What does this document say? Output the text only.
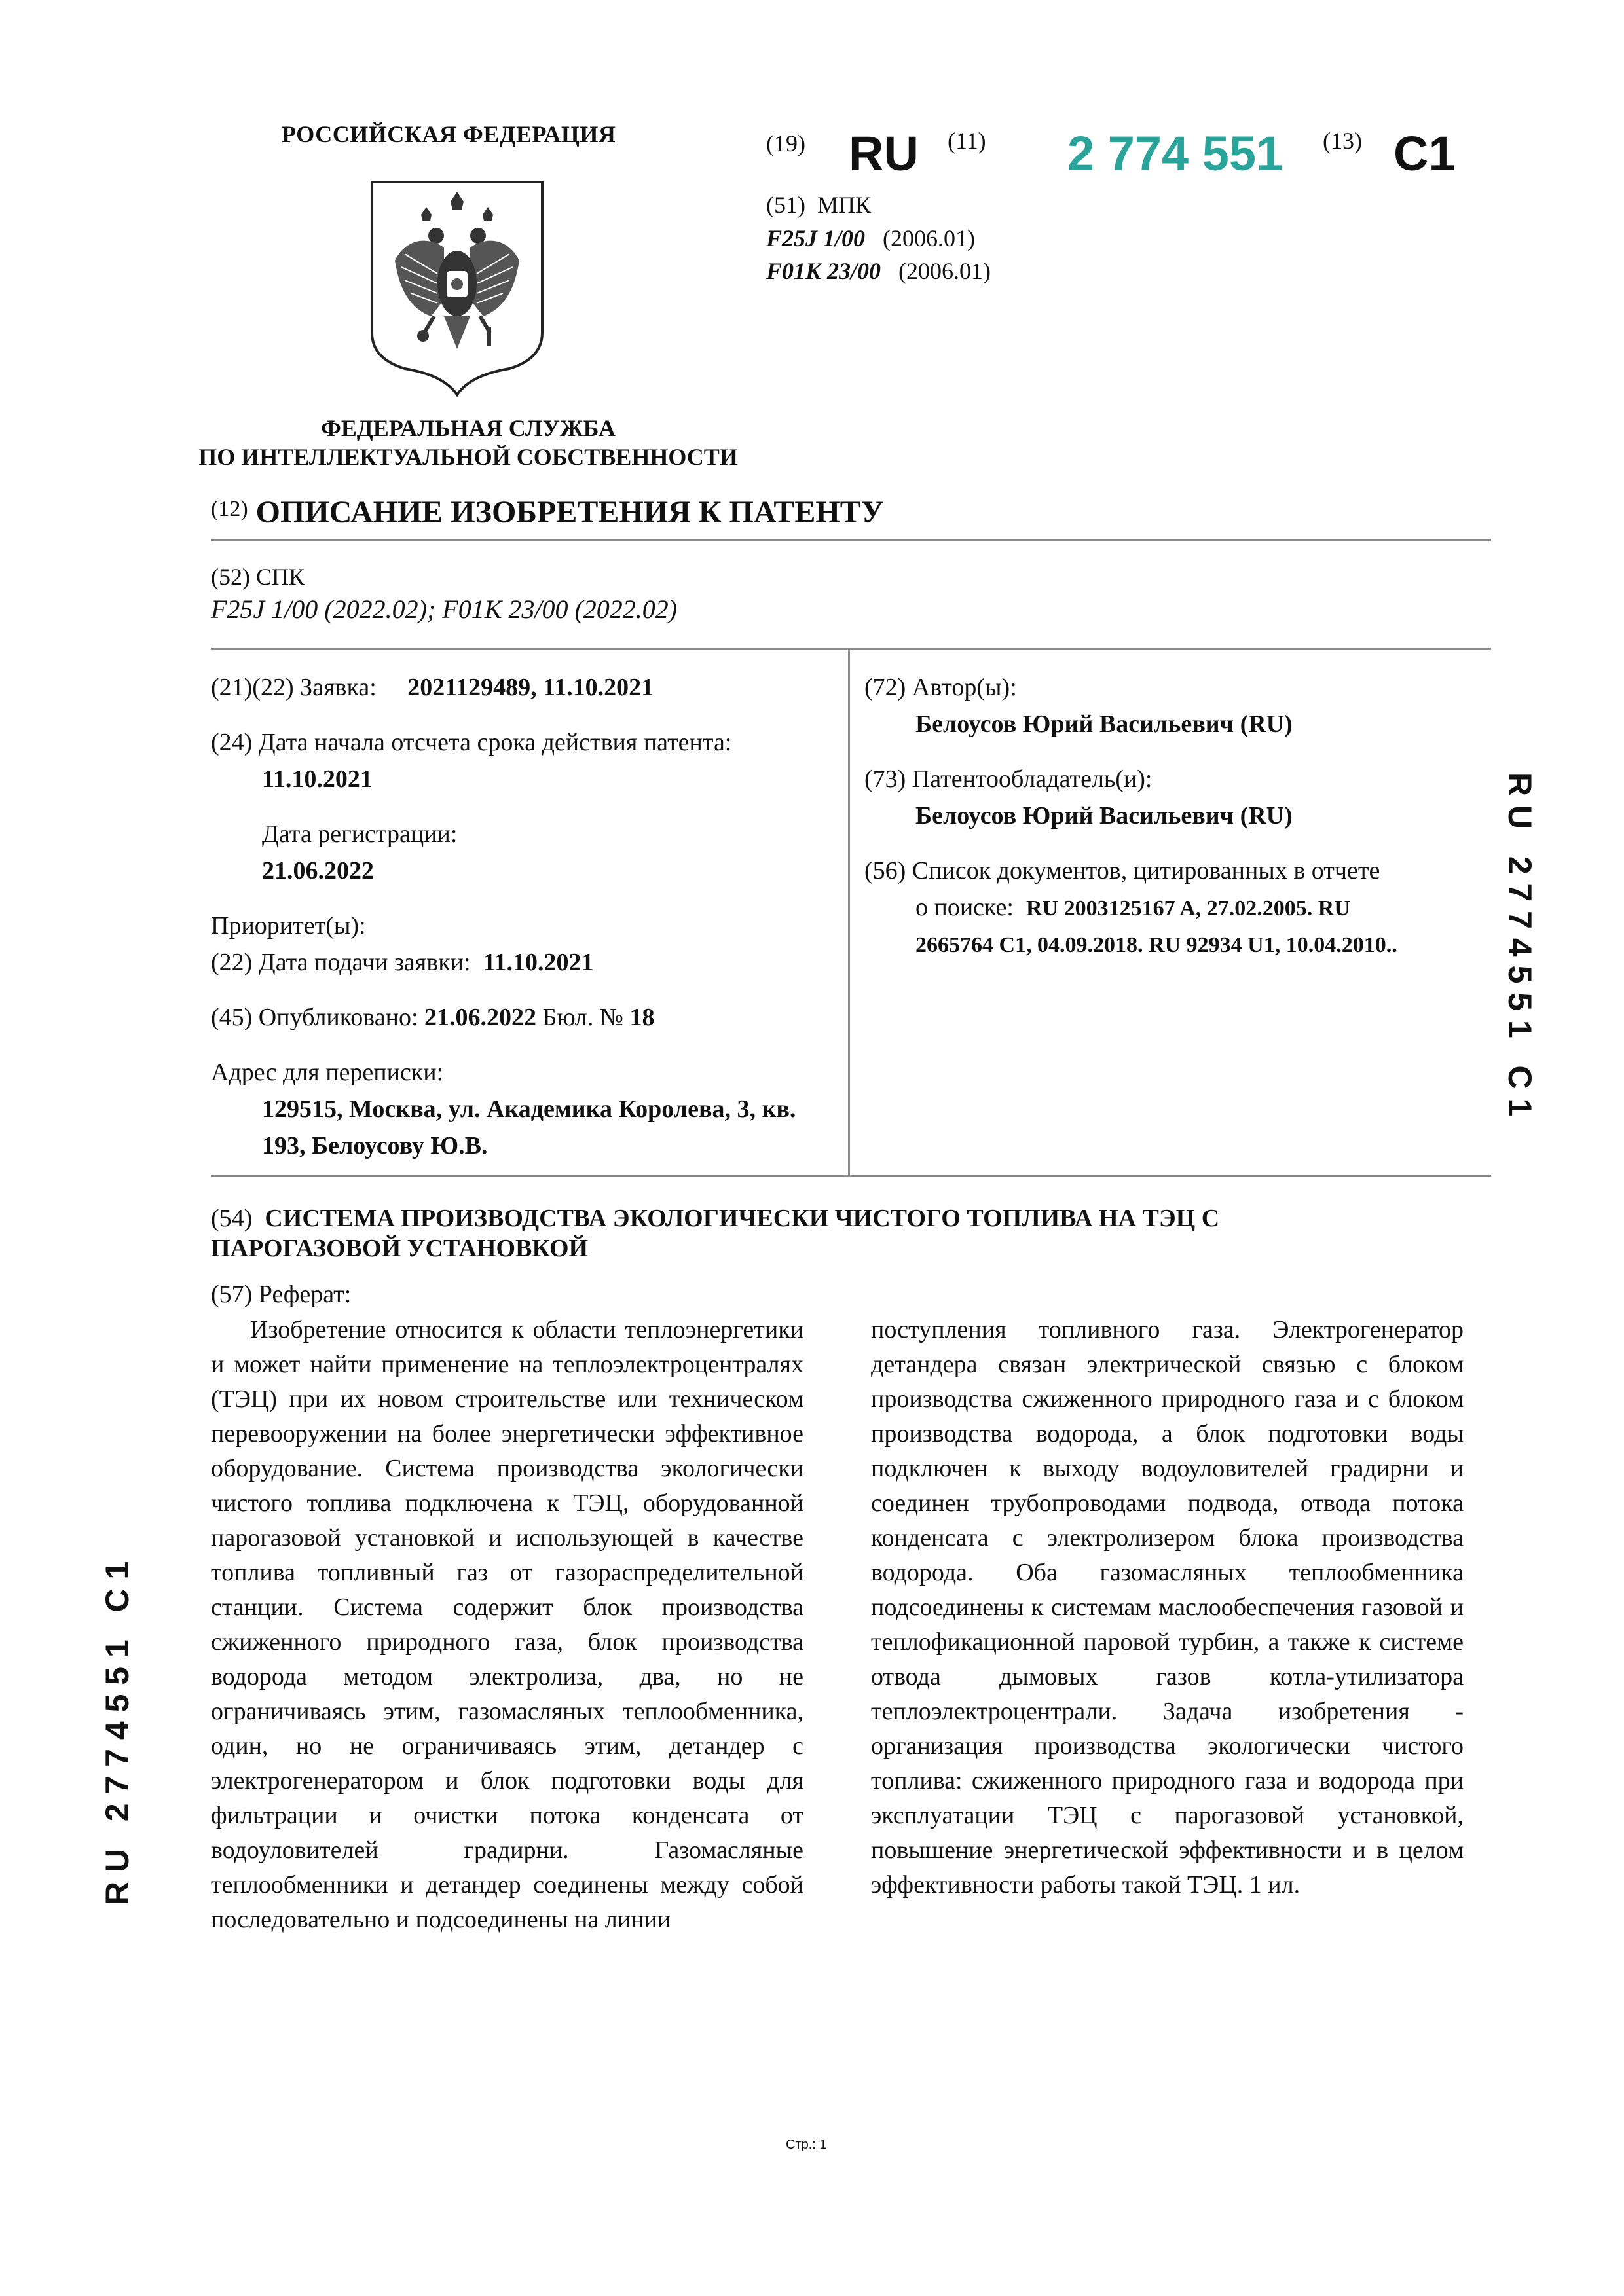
РОССИЙСКАЯ ФЕДЕРАЦИЯ
ФЕДЕРАЛЬНАЯ СЛУЖБА
ПО ИНТЕЛЛЕКТУАЛЬНОЙ СОБСТВЕННОСТИ
(19) RU (11) 2 774 551 (13) C1
(51) МПК
F25J 1/00 (2006.01)
F01K 23/00 (2006.01)
$^{(12)}$ ОПИСАНИЕ ИЗОБРЕТЕНИЯ К ПАТЕНТУ
(52) СПК
F25J 1/00 (2022.02); F01K 23/00 (2022.02)
(21)(22) Заявка: 2021129489, 11.10.2021
(24) Дата начала отсчета срока действия патента:
11.10.2021
Дата регистрации:
21.06.2022
Приоритет(ы):
(22) Дата подачи заявки: 11.10.2021
(45) Опубликовано: 21.06.2022 Бюл. № 18
Адрес для переписки:
129515, Москва, ул. Академика Королева, 3, кв.
193, Белоусову Ю.В.
(72) Автор(ы):
Белоусов Юрий Васильевич (RU)
(73) Патентообладатель(и):
Белоусов Юрий Васильевич (RU)
(56) Список документов, цитированных в отчете
о поиске: RU 2003125167 A, 27.02.2005. RU
2665764 C1, 04.09.2018. RU 92934 U1, 10.04.2010..
(54) СИСТЕМА ПРОИЗВОДСТВА ЭКОЛОГИЧЕСКИ ЧИСТОГО ТОПЛИВА НА ТЭЦ С
ПАРОГАЗОВОЙ УСТАНОВКОЙ
(57) Реферат:

Изобретение относится к области теплоэнергетики и может найти применение на теплоэлектроцентралях (ТЭЦ) при их новом строительстве или техническом перевооружении на более энергетически эффективное оборудование. Система производства экологически чистого топлива подключена к ТЭЦ, оборудованной парогазовой установкой и использующей в качестве топлива топливный газ от газораспределительной станции. Система содержит блок производства сжиженного природного газа, блок производства водорода методом электролиза, два, но не ограничиваясь этим, газомасляных теплообменника, один, но не ограничиваясь этим, детандер с электрогенератором и блок подготовки воды для фильтрации и очистки потока конденсата от водоуловителей градирни. Газомасляные теплообменники и детандер соединены между собой последовательно и подсоединены на линии

поступления топливного газа. Электрогенератор детандера связан электрической связью с блоком производства сжиженного природного газа и с блоком производства водорода, а блок подготовки воды подключен к выходу водоуловителей градирни и соединен трубопроводами подвода, отвода потока конденсата с электролизером блока производства водорода. Оба газомасляных теплообменника подсоединены к системам маслообеспечения газовой и теплофикационной паровой турбин, а также к системе отвода дымовых газов котла-утилизатора теплоэлектроцентрали. Задача изобретения - организация производства экологически чистого топлива: сжиженного природного газа и водорода при эксплуатации ТЭЦ с парогазовой установкой, повышение энергетической эффективности и в целом эффективности работы такой ТЭЦ. 1 ил.

R U   2 7 7 4 5 5 1   C 1
R U   2 7 7 4 5 5 1   C 1
Стр.: 1
